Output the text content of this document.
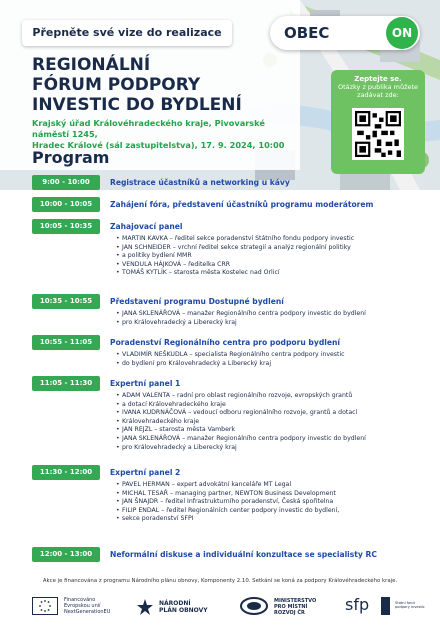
Přepněte své vize do realizace	OBEC	ON
REGIONÁLNÍ
FÓRUM PODPORY
INVESTIC DO BYDLENÍ
Krajský úřad Královéhradeckého kraje, Pivovarské náměstí 1245,
Hradec Králové (sál zastupitelstva), 17. 9. 2024, 10:00
Zeptejte se.
Otázky z publika můžete zadávat zde:
Program
9:00 - 10:00	Registrace účastníků a networking u kávy
10:00 - 10:05	Zahájení fóra, představení účastníků programu moderátorem
10:05 - 10:35	Zahajovací panel
• MARTIN KAVKA – ředitel sekce poradenství Státního fondu podpory investic
• JAN SCHNEIDER – vrchní ředitel sekce strategií a analýz regionální politiky
• a politiky bydlení MMR
• VENDULA HÁJKOVÁ – ředitelka CRR
• TOMÁŠ KYTLÍK – starosta města Kostelec nad Orlicí
10:35 - 10:55	Představení programu Dostupné bydlení
• JANA SKLENÁŘOVÁ – manažer Regionálního centra podpory investic do bydlení
• pro Královehradecký a Liberecký kraj
10:55 - 11:05	Poradenství Regionálního centra pro podporu bydlení
• VLADIMÍR NEŠKUDLA – specialista Regionálního centra podpory investic
• do bydlení pro Královehradecký a Liberecký kraj
11:05 - 11:30	Expertní panel 1
• ADAM VALENTA – radní pro oblast regionálního rozvoje, evropských grantů
• a dotací Královehradeckého kraje
• IVANA KUDRNÁČOVÁ – vedoucí odboru regionálního rozvoje, grantů a dotací
• Královehradeckého kraje
• JAN REJZL – starosta města Vamberk
• JANA SKLENÁŘOVÁ – manažer Regionálního centra podpory investic do bydlení
• pro Královehradecký a Liberecký kraj
11:30 - 12:00	Expertní panel 2
• PAVEL HERMAN – expert advokátní kanceláře MT Legal
• MICHAL TESAŘ – managing partner, NEWTON Business Development
• JAN ŠNAJDR – ředitel Infrastrukturního poradenství, Česká spořitelna
• FILIP ENDAL – ředitel Regionálních center podpory investic do bydlení,
• sekce poradenství SFPI
12:00 - 13:00	Neformální diskuse a individuální konzultace se specialisty RC
Akce je financována z programu Národního plánu obnovy, Komponenty 2.10. Setkání se koná za podpory Královéhradeckého kraje.
Financováno
Evropskou unií
NextGenerationEU
NÁRODNÍ
PLÁN OBNOVY
MINISTERSTVO
PRO MÍSTNÍ
ROZVOJ ČR	sfp	Státní fond
podpory investic
